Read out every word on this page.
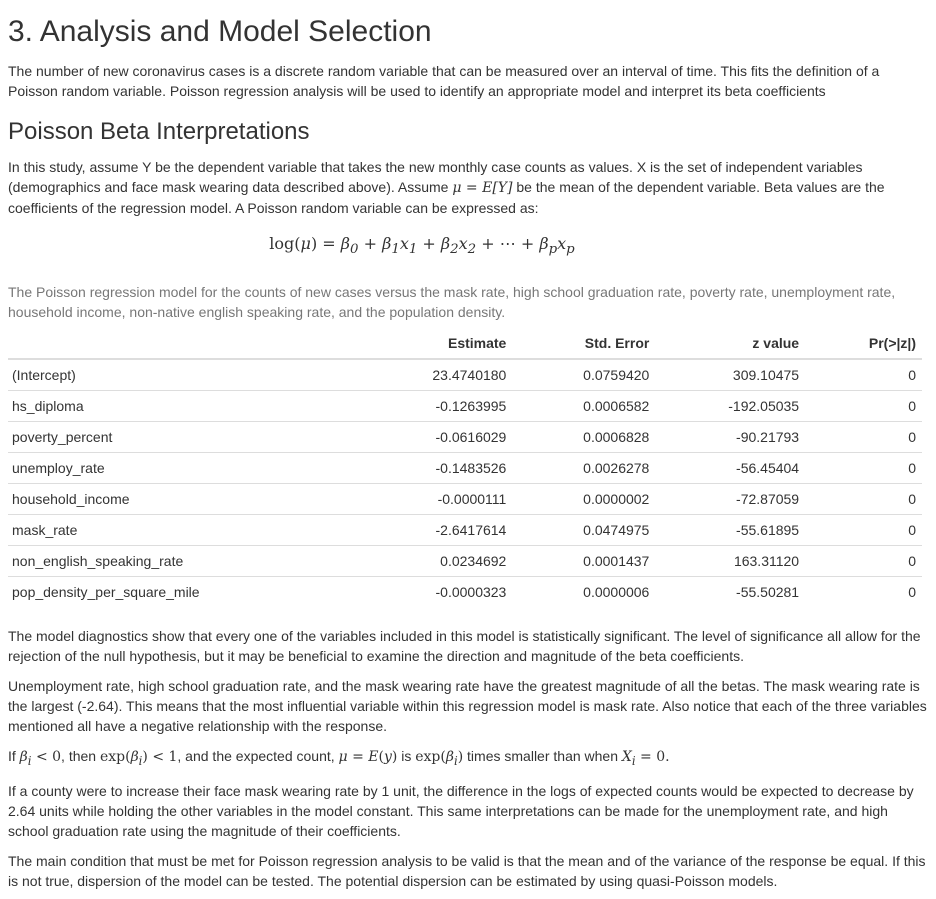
3. Analysis and Model Selection

The number of new coronavirus cases is a discrete random variable that can be measured over an interval of time. This fits the definition of a Poisson random variable. Poisson regression analysis will be used to identify an appropriate model and interpret its beta coefficients

Poisson Beta Interpretations

In this study, assume Y be the dependent variable that takes the new monthly case counts as values. X is the set of independent variables (demographics and face mask wearing data described above). Assume μ = E[Y] be the mean of the dependent variable. Beta values are the coefficients of the regression model. A Poisson random variable can be expressed as:

$\log(\mu) = \beta_0 + \beta_1x_1 + \beta_2x_2$ + ⋯ + $\beta_px_p$

The Poisson regression model for the counts of new cases versus the mask rate, high school graduation rate, poverty rate, unemployment rate, household income, non-native english speaking rate, and the population density.

	Estimate	Std. Error	z value	Pr(>|z|)
(Intercept)	23.4740180	0.0759420	309.10475	0
hs_diploma	-0.1263995	0.0006582	-192.05035	0
poverty_percent	-0.0616029	0.0006828	-90.21793	0
unemploy_rate	-0.1483526	0.0026278	-56.45404	0
household_income	-0.0000111	0.0000002	-72.87059	0
mask_rate	-2.6417614	0.0474975	-55.61895	0
non_english_speaking_rate	0.0234692	0.0001437	163.31120	0
pop_density_per_square_mile	-0.0000323	0.0000006	-55.50281	0

The model diagnostics show that every one of the variables included in this model is statistically significant. The level of significance all allow for the rejection of the null hypothesis, but it may be beneficial to examine the direction and magnitude of the beta coefficients.

Unemployment rate, high school graduation rate, and the mask wearing rate have the greatest magnitude of all the betas. The mask wearing rate is the largest (-2.64). This means that the most influential variable within this regression model is mask rate. Also notice that each of the three variables mentioned all have a negative relationship with the response.

If $\beta_i < 0$, then $\exp(\beta_i) < 1$, and the expected count, μ = E(y) is $\exp(\beta_i)$ times smaller than when $X_i = 0$.

If a county were to increase their face mask wearing rate by 1 unit, the difference in the logs of expected counts would be expected to decrease by 2.64 units while holding the other variables in the model constant. This same interpretations can be made for the unemployment rate, and high school graduation rate using the magnitude of their coefficients.

The main condition that must be met for Poisson regression analysis to be valid is that the mean and of the variance of the response be equal. If this is not true, dispersion of the model can be tested. The potential dispersion can be estimated by using quasi-Poisson models.
